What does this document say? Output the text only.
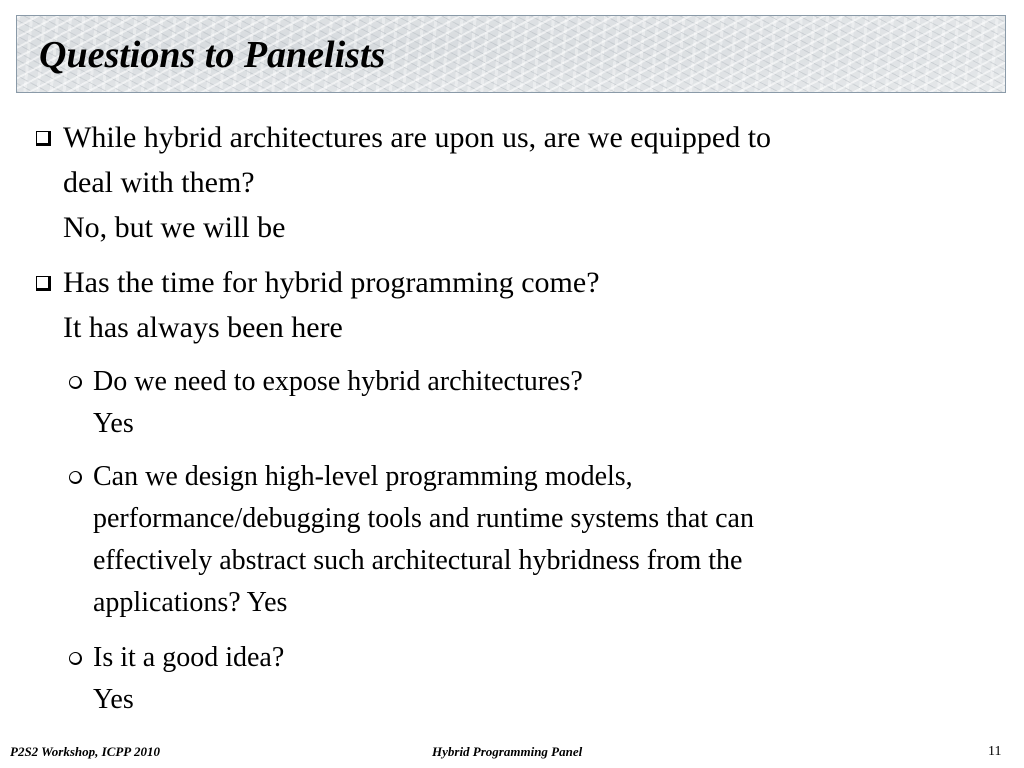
Questions to Panelists
While hybrid architectures are upon us, are we equipped to
deal with them?
No, but we will be
Has the time for hybrid programming come?
It has always been here
Do we need to expose hybrid architectures?
Yes
Can we design high-level programming models,
performance/debugging tools and runtime systems that can
effectively abstract such architectural hybridness from the
applications? Yes
Is it a good idea?
Yes
P2S2 Workshop, ICPP 2010	Hybrid Programming Panel	11
